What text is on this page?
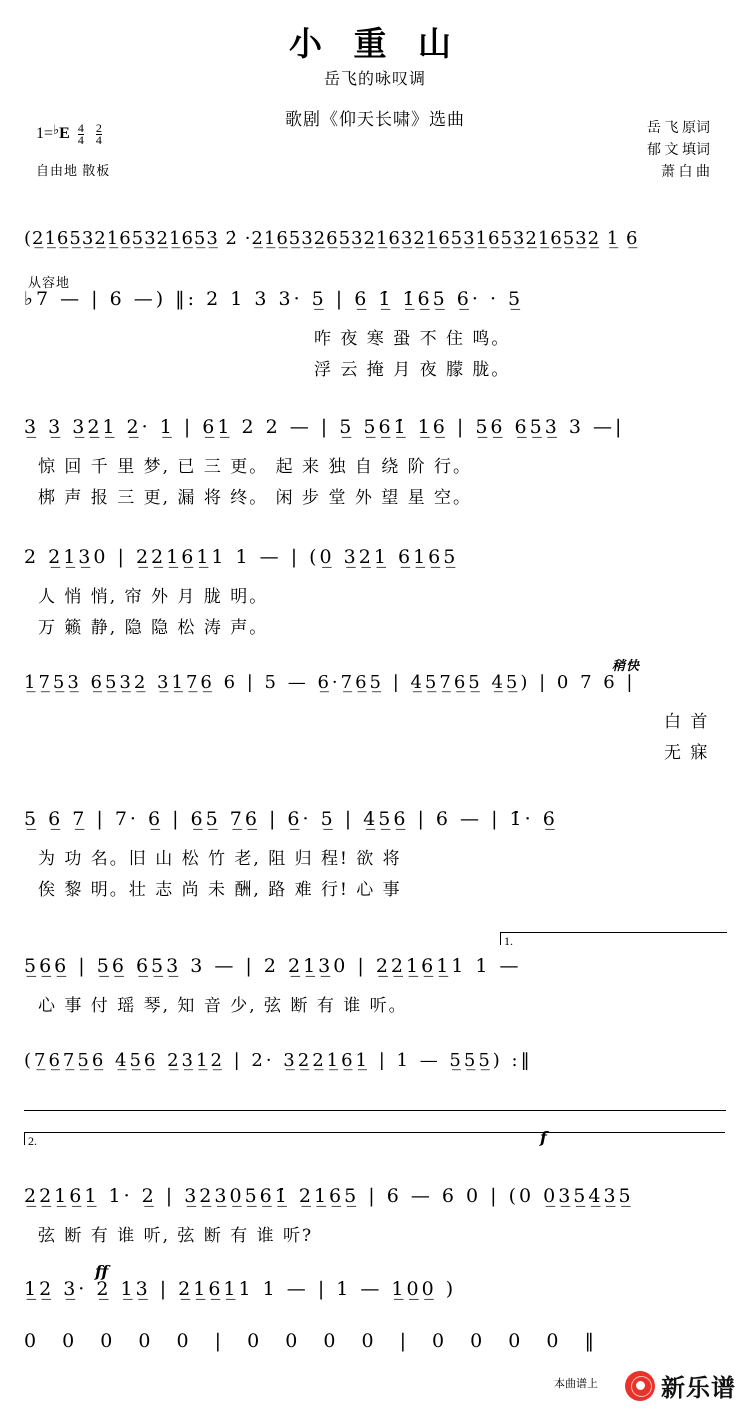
小 重 山
岳飞的咏叹调
歌剧《仰天长啸》选曲	岳 飞 原词
郁 文 填词
萧 白 曲
$1=^♭E \frac{4}{4}$
$\frac{2}{4}$
自由地 散板
从容地
稍快
(2̲1̲6̲5̲3̲2̲1̲6̲5̲3̲2̲1̲6̲5̲3̲ 2̇ ·2̲1̲6̲5̲3̲2̲6̲5̲3̲2̲1̲6̲3̲2̲1̲6̲5̲3̲1̲6̲5̲3̲2̲1̲6̲5̲3̲2̲ 1̲ 6̲
♭7 — | 6 —) ‖: 2 1 3 3· 5̲ | 6̲ 1̲̇ 1̲̇6̲5̲ 6̲· · 5̲
咋 夜 寒 蛩 不 住 鸣。
浮 云 掩 月 夜 朦 胧。
3̲ 3̲ 3̲2̲1̲ 2̲· 1̲ | 6̲1̲ 2 2 — | 5̲ 5̲6̲1̲̇ 1̲6̲ | 5̲6̲ 6̲5̲3̲ 3 —|
惊 回 千 里 梦, 已 三 更。 起 来 独 自 绕 阶 行。
梆 声 报 三 更, 漏 将 终。 闲 步 堂 外 望 星 空。
2 2̲1̲3̲0 | 2̲2̲1̲6̲1̲1 1 — | (0̲ 3̲2̲1̲ 6̲1̲6̲5̲
人 悄 悄, 帘 外 月 胧 明。
万 籁 静, 隐 隐 松 涛 声。
1̲7̲5̲3̲ 6̲5̲3̲2̲ 3̲1̲7̲6̲ 6 | 5 — 6̲·7̲6̲5̲ | 4̲5̲7̲6̲5̲ 4̲5̲) | 0 7 6 |
白 首
无 寐
5̲ 6̲ 7̲ | 7· 6̲ | 6̲5̲ 7̲6̲ | 6̲· 5̲ | 4̲5̲6̲ | 6 — | 1̇· 6̲
为 功 名。旧 山 松 竹 老, 阻 归 程! 欲 将
俟 黎 明。壮 志 尚 未 酬, 路 难 行! 心 事
5̲6̲6̲ | 5̲6̲ 6̲5̲3̲ 3 — | 2 2̲1̲3̲0 | 2̲2̲1̲6̲1̲1 1 —
心 事 付 瑶 琴, 知 音 少, 弦 断 有 谁 听。
1.
(7̲6̲7̲5̲6̲ 4̲5̲6̲ 2̲3̲1̲2̲ | 2· 3̲2̲2̲1̲6̲1̲ | 1 — 5̲5̲5̲) :‖
2.
2̲2̲1̲6̲1̲ 1· 2̲ | 3̲2̲3̲0̲5̲6̲1̲̇ 2̲1̲6̲5̲ | 6 — 6 0 | (0 0̲3̲5̲4̲3̲5̲
弦 断 有 谁 听, 弦 断 有 谁 听?
f
ff
1̲2̲ 3̲· 2̲ 1̲3̲ | 2̲1̲6̲1̲1 1 — | 1 — 1̲0̲0̲ )
0 0 0 0 0 | 0 0 0 0 | 0 0 0 0 ‖
本曲谱上	新乐谱
